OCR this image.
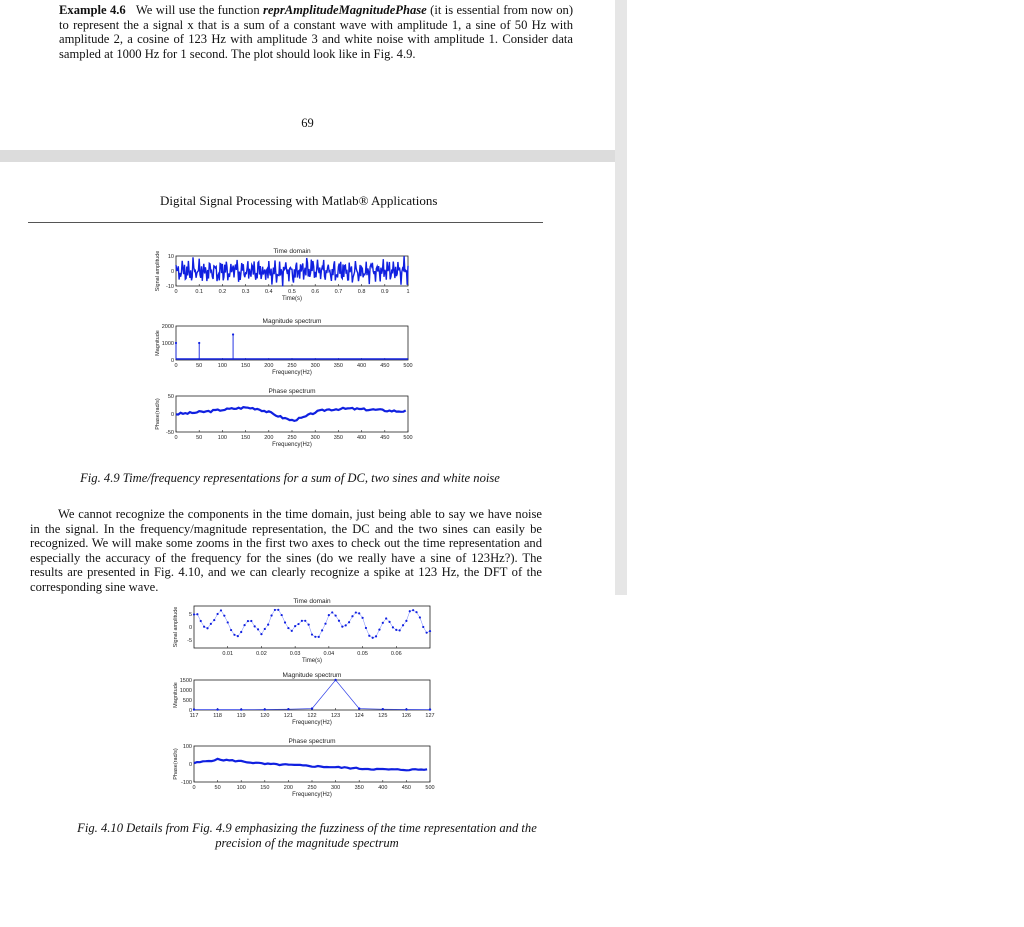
Example 4.6 We will use the function reprAmplitudeMagnitudePhase (it is essential from now on) to represent the a signal x that is a sum of a constant wave with amplitude 1, a sine of 50 Hz with amplitude 2, a cosine of 123 Hz with amplitude 3 and white noise with amplitude 1. Consider data sampled at 1000 Hz for 1 second. The plot should look like in Fig. 4.9.

69
Digital Signal Processing with Matlab® Applications
Time domain
0	0.1	0.2	0.3	0.4	0.5	0.6	0.7	0.8	0.9	1
10
0
-10
Time(s)
Signal amplitude
Magnitude spectrum
0	50	100	150	200	250	300	350	400	450	500
2000
1000
0
Frequency(Hz)
Magnitude
Phase spectrum
0	50	100	150	200	250	300	350	400	450	500
50
0
-50
Frequency(Hz)
Phase(rad/s)

Fig. 4.9 Time/frequency representations for a sum of DC, two sines and white noise

We cannot recognize the components in the time domain, just being able to say we have noise in the signal. In the frequency/magnitude representation, the DC and the two sines can easily be recognized. We will make some zooms in the first two axes to check out the time representation and especially the accuracy of the frequency for the sines (do we really have a sine of 123Hz?). The results are presented in Fig. 4.10, and we can clearly recognize a spike at 123 Hz, the DFT of the corresponding sine wave.

Time domain
0.01	0.02	0.03	0.04	0.05	0.06
5
0
-5
Time(s)
Signal amplitude
Magnitude spectrum
117	118	119	120	121	122	123	124	125	126	127
1500
1000
500
0
Frequency(Hz)
Magnitude
Phase spectrum
0	50	100	150	200	250	300	350	400	450	500
100
0
-100
Frequency(Hz)
Phase(rad/s)

Fig. 4.10 Details from Fig. 4.9 emphasizing the fuzziness of the time representation and the
precision of the magnitude spectrum
